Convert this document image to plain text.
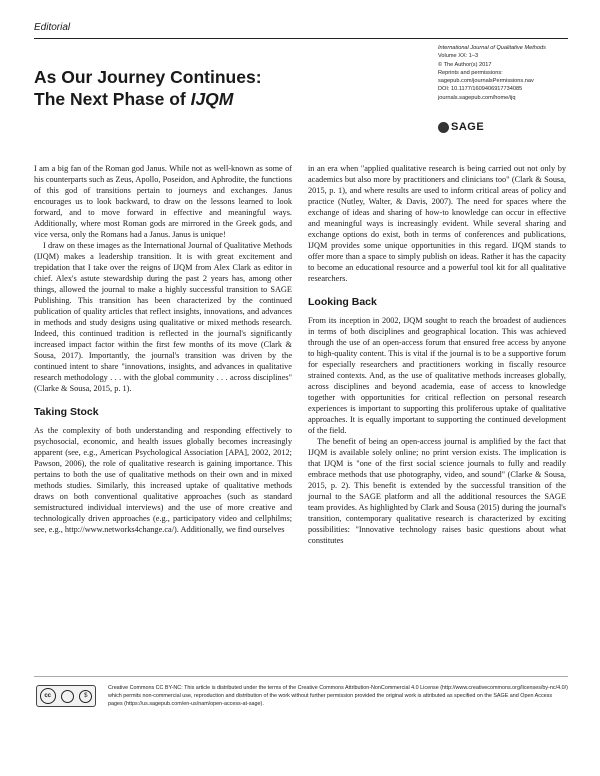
Editorial
As Our Journey Continues:
The Next Phase of IJQM
International Journal of Qualitative Methods
Volume XX: 1–3
© The Author(s) 2017
Reprints and permissions:
sagepub.com/journalsPermissions.nav
DOI: 10.1177/1609406917734085
journals.sagepub.com/home/ijq
SAGE

I am a big fan of the Roman god Janus. While not as well-known as some of his counterparts such as Zeus, Apollo, Poseidon, and Aphrodite, the functions of this god of transitions pertain to journeys and exchanges. Janus encourages us to look backward, to draw on the lessons learned to look forward, and to move forward in effective and meaningful ways. Additionally, where most Roman gods are mirrored in the Greek gods, and vice versa, only the Romans had a Janus. Janus is unique!

I draw on these images as the International Journal of Qualitative Methods (IJQM) makes a leadership transition. It is with great excitement and trepidation that I take over the reigns of IJQM from Alex Clark as editor in chief. Alex's astute stewardship during the past 2 years has, among other things, allowed the journal to make a highly successful transition to SAGE Publishing. This transition has been characterized by the continued publication of quality articles that reflect insights, innovations, and advances in methods and study designs using qualitative or mixed methods research. Indeed, this continued tradition is reflected in the journal's significantly increased impact factor within the first few months of its move (Clark & Sousa, 2017). Importantly, the journal's transition was driven by the continued intent to share "innovations, insights, and advances in qualitative research methodology . . . with the global community . . . across disciplines" (Clarke & Sousa, 2015, p. 1).

Taking Stock

As the complexity of both understanding and responding effectively to psychosocial, economic, and health issues globally becomes increasingly apparent (see, e.g., American Psychological Association [APA], 2002, 2012; Pawson, 2006), the role of qualitative research is gaining importance. This pertains to both the use of qualitative methods on their own and in mixed methods studies. Similarly, this increased uptake of qualitative methods draws on both conventional qualitative approaches (such as standard semistructured individual interviews) and the use of more creative and technologically driven approaches (e.g., participatory video and cellphilms; see, e.g., http://www.networks4change.ca/). Additionally, we find ourselves

in an era when "applied qualitative research is being carried out not only by academics but also more by practitioners and clinicians too" (Clark & Sousa, 2015, p. 1), and where results are used to inform critical areas of policy and practice (Nutley, Walter, & Davis, 2007). The need for spaces where the exchange of ideas and sharing of how-to knowledge can occur in effective and meaningful ways is increasingly evident. While several sharing and exchange options do exist, both in terms of conferences and publications, IJQM provides some unique opportunities in this regard. IJQM stands to offer more than a space to simply publish on ideas. Rather it has the capacity to become an educational resource and a powerful tool kit for all qualitative researchers.

Looking Back

From its inception in 2002, IJQM sought to reach the broadest of audiences in terms of both disciplines and geographical location. This was achieved through the use of an open-access forum that ensured free access by anyone to high-quality content. This is vital if the journal is to be a supportive forum for especially researchers and practitioners working in fiscally resource strained contexts. And, as the use of qualitative methods increases globally, across disciplines and beyond academia, ease of access to knowledge together with opportunities for critical reflection on personal research experiences is important to supporting this proliferous uptake of qualitative approaches. It is equally important to supporting the continued development of the field.

The benefit of being an open-access journal is amplified by the fact that IJQM is available solely online; no print version exists. The implication is that IJQM is "one of the first social science journals to fully and readily embrace methods that use photography, video, and sound" (Clarke & Sousa, 2015, p. 2). This benefit is extended by the successful transition of the journal to the SAGE platform and all the additional resources the SAGE team provides. As highlighted by Clark and Sousa (2015) during the journal's transition, contemporary qualitative research is characterized by exciting possibilities: "Innovative technology raises basic questions about what constitutes

cc	$
Creative Commons CC BY-NC: This article is distributed under the terms of the Creative Commons Attribution-NonCommercial 4.0 License (http://www.creativecommons.org/licenses/by-nc/4.0/) which permits non-commercial use, reproduction and distribution of the work without further permission provided the original work is attributed as specified on the SAGE and Open Access pages (https://us.sagepub.com/en-us/nam/open-access-at-sage).
